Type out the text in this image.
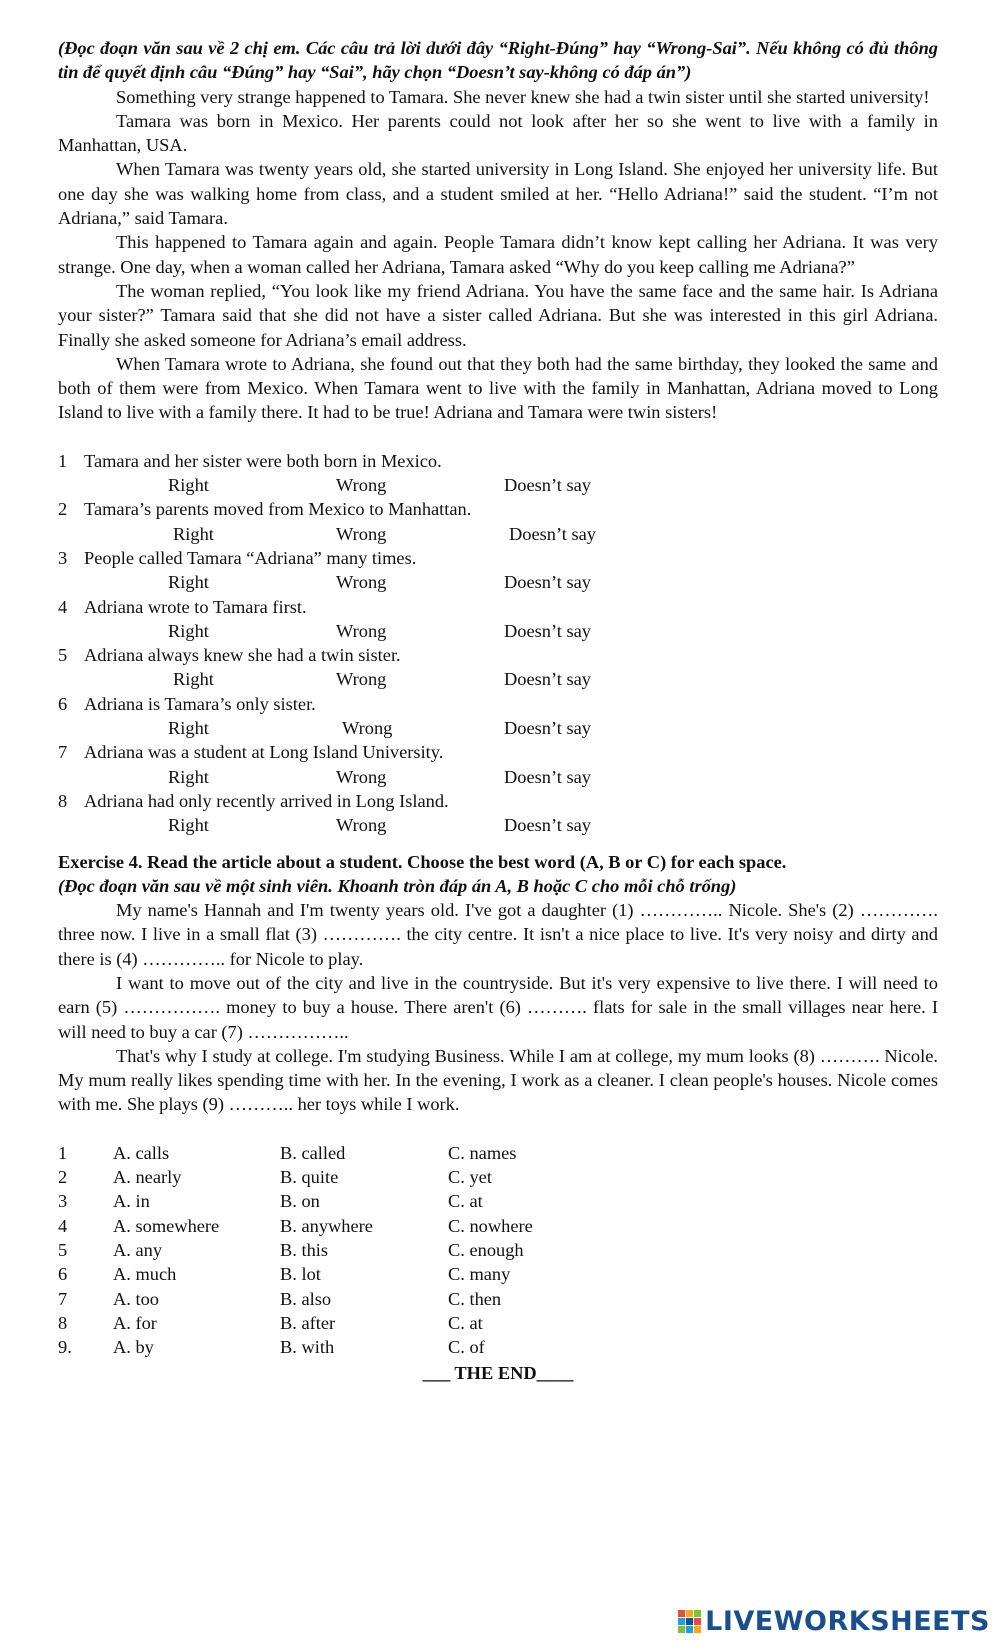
(Đọc đoạn văn sau về 2 chị em. Các câu trả lời dưới đây “Right-Đúng” hay “Wrong-Sai”. Nếu không có đủ thông tin để quyết định câu “Đúng” hay “Sai”, hãy chọn “Doesn’t say-không có đáp án”)

Something very strange happened to Tamara. She never knew she had a twin sister until she started university!

Tamara was born in Mexico. Her parents could not look after her so she went to live with a family in Manhattan, USA.

When Tamara was twenty years old, she started university in Long Island. She enjoyed her university life. But one day she was walking home from class, and a student smiled at her. “Hello Adriana!” said the student. “I’m not Adriana,” said Tamara.

This happened to Tamara again and again. People Tamara didn’t know kept calling her Adriana. It was very strange. One day, when a woman called her Adriana, Tamara asked “Why do you keep calling me Adriana?”

The woman replied, “You look like my friend Adriana. You have the same face and the same hair. Is Adriana your sister?” Tamara said that she did not have a sister called Adriana. But she was interested in this girl Adriana. Finally she asked someone for Adriana’s email address.

When Tamara wrote to Adriana, she found out that they both had the same birthday, they looked the same and both of them were from Mexico. When Tamara went to live with the family in Manhattan, Adriana moved to Long Island to live with a family there. It had to be true! Adriana and Tamara were twin sisters!

1 Tamara and her sister were both born in Mexico.
Right	Wrong	Doesn’t say
2 Tamara’s parents moved from Mexico to Manhattan.
Right	Wrong	Doesn’t say
3 People called Tamara “Adriana” many times.
Right	Wrong	Doesn’t say
4 Adriana wrote to Tamara first.
Right	Wrong	Doesn’t say
5 Adriana always knew she had a twin sister.
Right	Wrong	Doesn’t say
6 Adriana is Tamara’s only sister.
Right	Wrong	Doesn’t say
7 Adriana was a student at Long Island University.
Right	Wrong	Doesn’t say
8 Adriana had only recently arrived in Long Island.
Right	Wrong	Doesn’t say
Exercise 4. Read the article about a student. Choose the best word (A, B or C) for each space.
(Đọc đoạn văn sau về một sinh viên. Khoanh tròn đáp án A, B hoặc C cho mỗi chỗ trống)

My name's Hannah and I'm twenty years old. I've got a daughter (1) ………….. Nicole. She's (2) …………. three now. I live in a small flat (3) …………. the city centre. It isn't a nice place to live. It's very noisy and dirty and there is (4) ………….. for Nicole to play.

I want to move out of the city and live in the countryside. But it's very expensive to live there. I will need to earn (5) ……………. money to buy a house. There aren't (6) ………. flats for sale in the small villages near here. I will need to buy a car (7) ……………..

That's why I study at college. I'm studying Business. While I am at college, my mum looks (8) ………. Nicole. My mum really likes spending time with her. In the evening, I work as a cleaner. I clean people's houses. Nicole comes with me. She plays (9) ……….. her toys while I work.

1 A. calls	B. called	C. names
2 A. nearly	B. quite	C. yet
3 A. in	B. on	C. at
4 A. somewhere	B. anywhere	C. nowhere
5 A. any	B. this	C. enough
6 A. much	B. lot	C. many
7 A. too	B. also	C. then
8 A. for	B. after	C. at
9. A. by	B. with	C. of
___ THE END____
LIVEWORKSHEETS
